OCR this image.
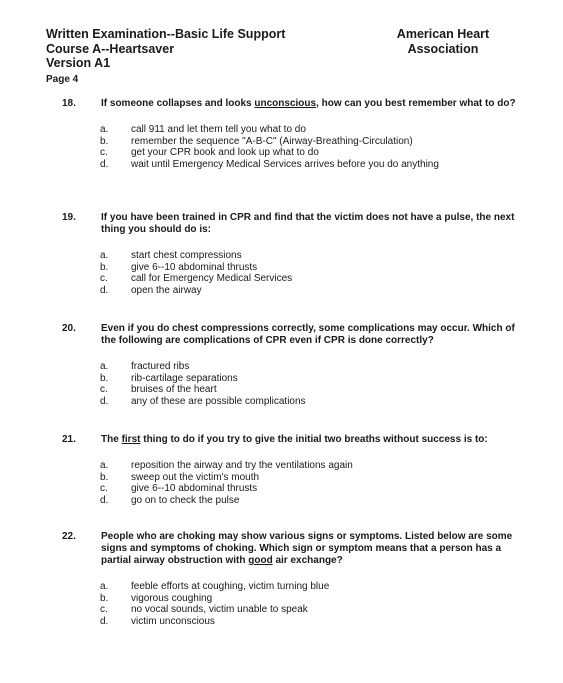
Written Examination--Basic Life Support
Course A--Heartsaver
Version A1
Page 4
American Heart
Association
18.	If someone collapses and looks unconscious, how can you best remember what to do?
a. call 911 and let them tell you what to do
b. remember the sequence "A-B-C" (Airway-Breathing-Circulation)
c. get your CPR book and look up what to do
d. wait until Emergency Medical Services arrives before you do anything
19.	If you have been trained in CPR and find that the victim does not have a pulse, the next thing you should do is:
a. start chest compressions
b. give 6--10 abdominal thrusts
c. call for Emergency Medical Services
d. open the airway
20.	Even if you do chest compressions correctly, some complications may occur. Which of the following are complications of CPR even if CPR is done correctly?
a. fractured ribs
b. rib-cartilage separations
c. bruises of the heart
d. any of these are possible complications
21.	The first thing to do if you try to give the initial two breaths without success is to:
a. reposition the airway and try the ventilations again
b. sweep out the victim's mouth
c. give 6--10 abdominal thrusts
d. go on to check the pulse
22.	People who are choking may show various signs or symptoms. Listed below are some signs and symptoms of choking. Which sign or symptom means that a person has a partial airway obstruction with good air exchange?
a. feeble efforts at coughing, victim turning blue
b. vigorous coughing
c. no vocal sounds, victim unable to speak
d. victim unconscious
